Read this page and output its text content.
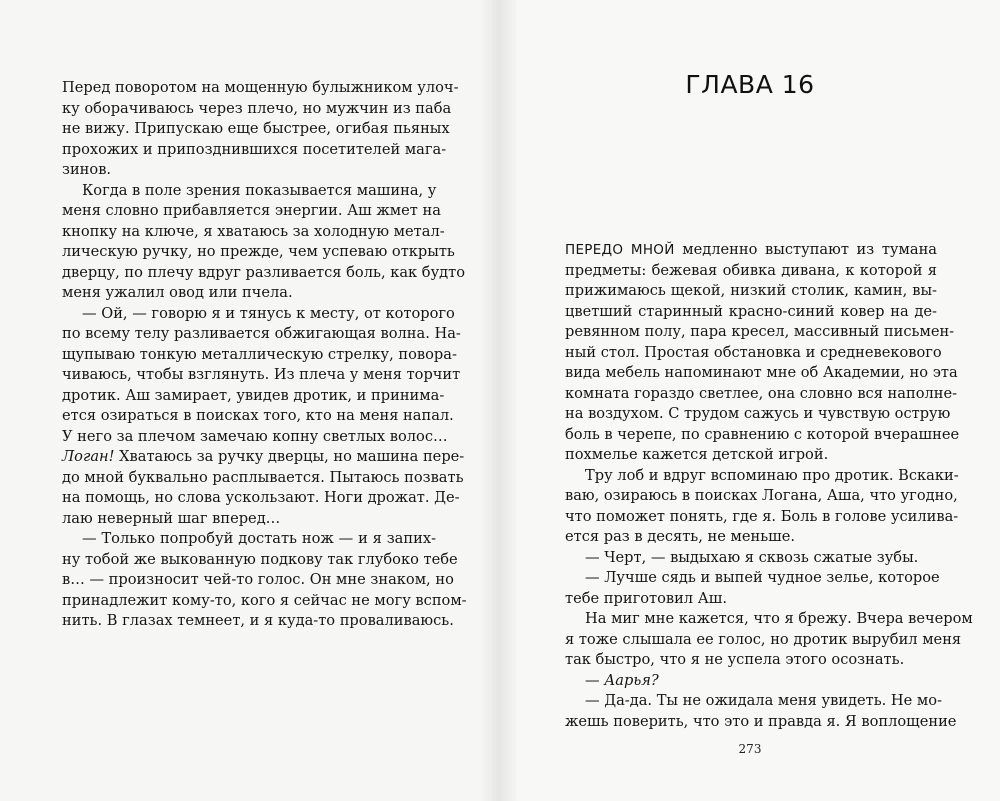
Перед поворотом на мощенную булыжником улоч-
ку оборачиваюсь через плечо, но мужчин из паба
не вижу. Припускаю еще быстрее, огибая пьяных
прохожих и припозднившихся посетителей мага-
зинов.
Когда в поле зрения показывается машина, у
меня словно прибавляется энергии. Аш жмет на
кнопку на ключе, я хватаюсь за холодную метал-
лическую ручку, но прежде, чем успеваю открыть
дверцу, по плечу вдруг разливается боль, как будто
меня ужалил овод или пчела.
— Ой, — говорю я и тянусь к месту, от которого
по всему телу разливается обжигающая волна. На-
щупываю тонкую металлическую стрелку, повора-
чиваюсь, чтобы взглянуть. Из плеча у меня торчит
дротик. Аш замирает, увидев дротик, и принима-
ется озираться в поисках того, кто на меня напал.
У него за плечом замечаю копну светлых волос…
Логан! Хватаюсь за ручку дверцы, но машина пере-
до мной буквально расплывается. Пытаюсь позвать
на помощь, но слова ускользают. Ноги дрожат. Де-
лаю неверный шаг вперед…
— Только попробуй достать нож — и я запих-
ну тобой же выкованную подкову так глубоко тебе
в… — произносит чей-то голос. Он мне знаком, но
принадлежит кому-то, кого я сейчас не могу вспом-
нить. В глазах темнеет, и я куда-то проваливаюсь.
ГЛАВА 16
ПЕРЕДО МНОЙ медленно выступают из тумана
предметы: бежевая обивка дивана, к которой я
прижимаюсь щекой, низкий столик, камин, вы-
цветший старинный красно-синий ковер на де-
ревянном полу, пара кресел, массивный письмен-
ный стол. Простая обстановка и средневекового
вида мебель напоминают мне об Академии, но эта
комната гораздо светлее, она словно вся наполне-
на воздухом. С трудом сажусь и чувствую острую
боль в черепе, по сравнению с которой вчерашнее
похмелье кажется детской игрой.
Тру лоб и вдруг вспоминаю про дротик. Вскаки-
ваю, озираюсь в поисках Логана, Аша, что угодно,
что поможет понять, где я. Боль в голове усилива-
ется раз в десять, не меньше.
— Черт, — выдыхаю я сквозь сжатые зубы.
— Лучше сядь и выпей чудное зелье, которое
тебе приготовил Аш.
На миг мне кажется, что я брежу. Вчера вечером
я тоже слышала ее голос, но дротик вырубил меня
так быстро, что я не успела этого осознать.
— Аарья?
— Да-да. Ты не ожидала меня увидеть. Не мо-
жешь поверить, что это и правда я. Я воплощение
273
